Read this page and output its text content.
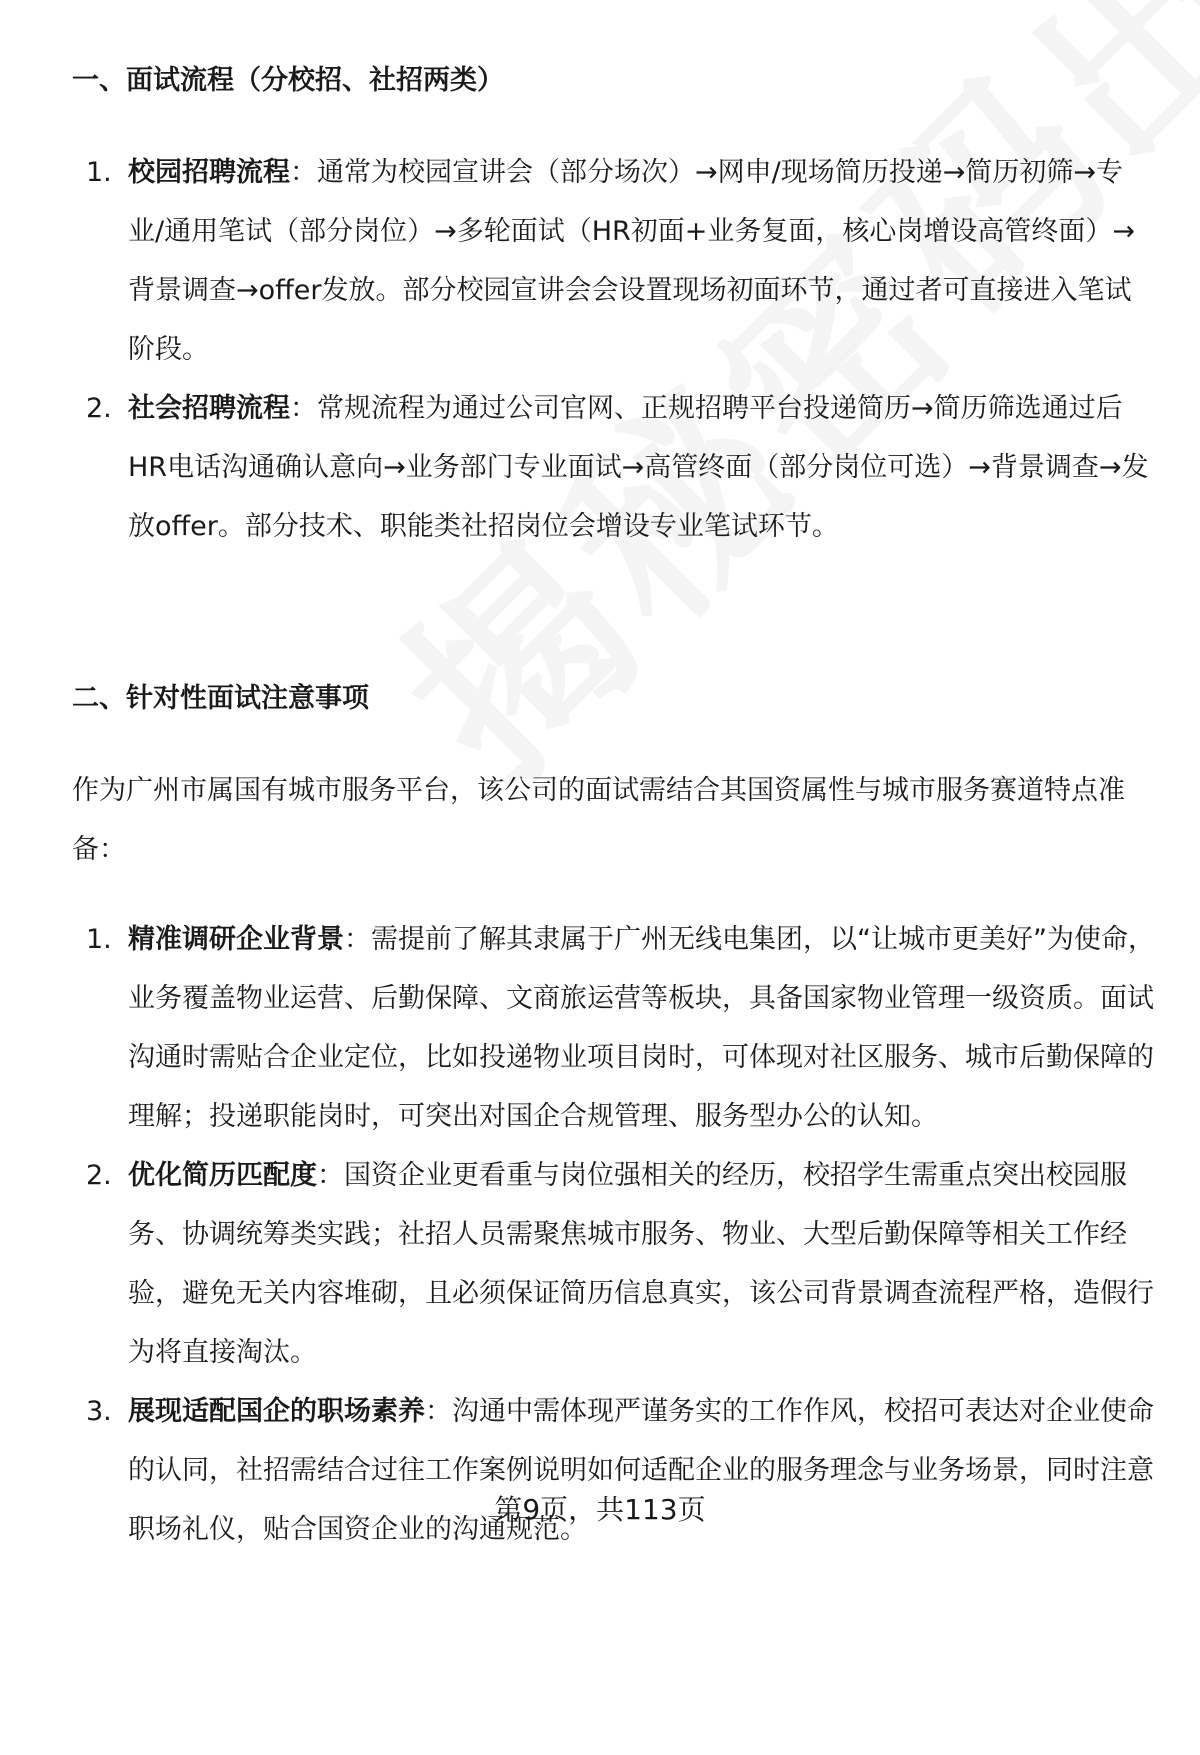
一、面试流程（分校招、社招两类）
1. 校园招聘流程：通常为校园宣讲会（部分场次）→网申/现场简历投递→简历初筛→专业/通用笔试（部分岗位）→多轮面试（HR初面+业务复面，核心岗增设高管终面）→背景调查→offer发放。部分校园宣讲会会设置现场初面环节，通过者可直接进入笔试阶段。
2. 社会招聘流程：常规流程为通过公司官网、正规招聘平台投递简历→简历筛选通过后HR电话沟通确认意向→业务部门专业面试→高管终面（部分岗位可选）→背景调查→发放offer。部分技术、职能类社招岗位会增设专业笔试环节。
二、针对性面试注意事项

作为广州市属国有城市服务平台，该公司的面试需结合其国资属性与城市服务赛道特点准备：

1. 精准调研企业背景：需提前了解其隶属于广州无线电集团，以“让城市更美好”为使命，业务覆盖物业运营、后勤保障、文商旅运营等板块，具备国家物业管理一级资质。面试沟通时需贴合企业定位，比如投递物业项目岗时，可体现对社区服务、城市后勤保障的理解；投递职能岗时，可突出对国企合规管理、服务型办公的认知。
2. 优化简历匹配度：国资企业更看重与岗位强相关的经历，校招学生需重点突出校园服务、协调统筹类实践；社招人员需聚焦城市服务、物业、大型后勤保障等相关工作经验，避免无关内容堆砌，且必须保证简历信息真实，该公司背景调查流程严格，造假行为将直接淘汰。
3. 展现适配国企的职场素养：沟通中需体现严谨务实的工作作风，校招可表达对企业使命的认同，社招需结合过往工作案例说明如何适配企业的服务理念与业务场景，同时注意职场礼仪，贴合国资企业的沟通规范。
第9页，共113页
